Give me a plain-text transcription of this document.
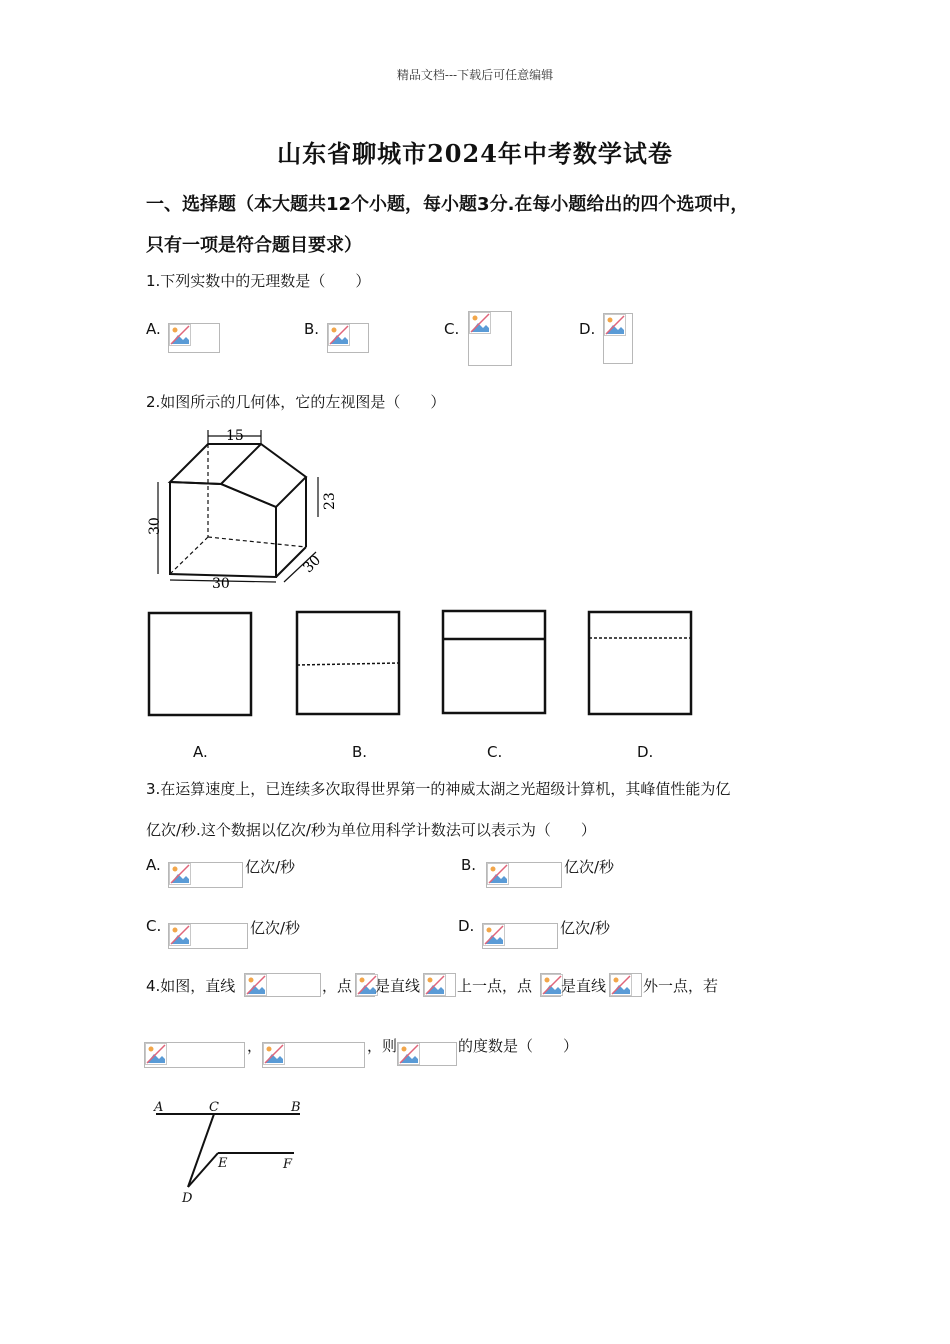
精品文档---下载后可任意编辑
山东省聊城市2024年中考数学试卷
一、选择题（本大题共12个小题，每小题3分.在每小题给出的四个选项中，
只有一项是符合题目要求）
1.下列实数中的无理数是（　　）
A.	B.	C.	D.
2.如图所示的几何体，它的左视图是（　　）
15
30
30
23
30
A.	B.	C.	D.
3.在运算速度上，已连续多次取得世界第一的神威太湖之光超级计算机，其峰值性能为亿
亿次/秒.这个数据以亿次/秒为单位用科学计数法可以表示为（　　）
A.	亿次/秒	B.	亿次/秒
C.	亿次/秒	D.	亿次/秒
4.如图，直线	，点 是直线 上一点，点 是直线 外一点，若
，	，则	的度数是（　　）
A	C	B
E	F
D
